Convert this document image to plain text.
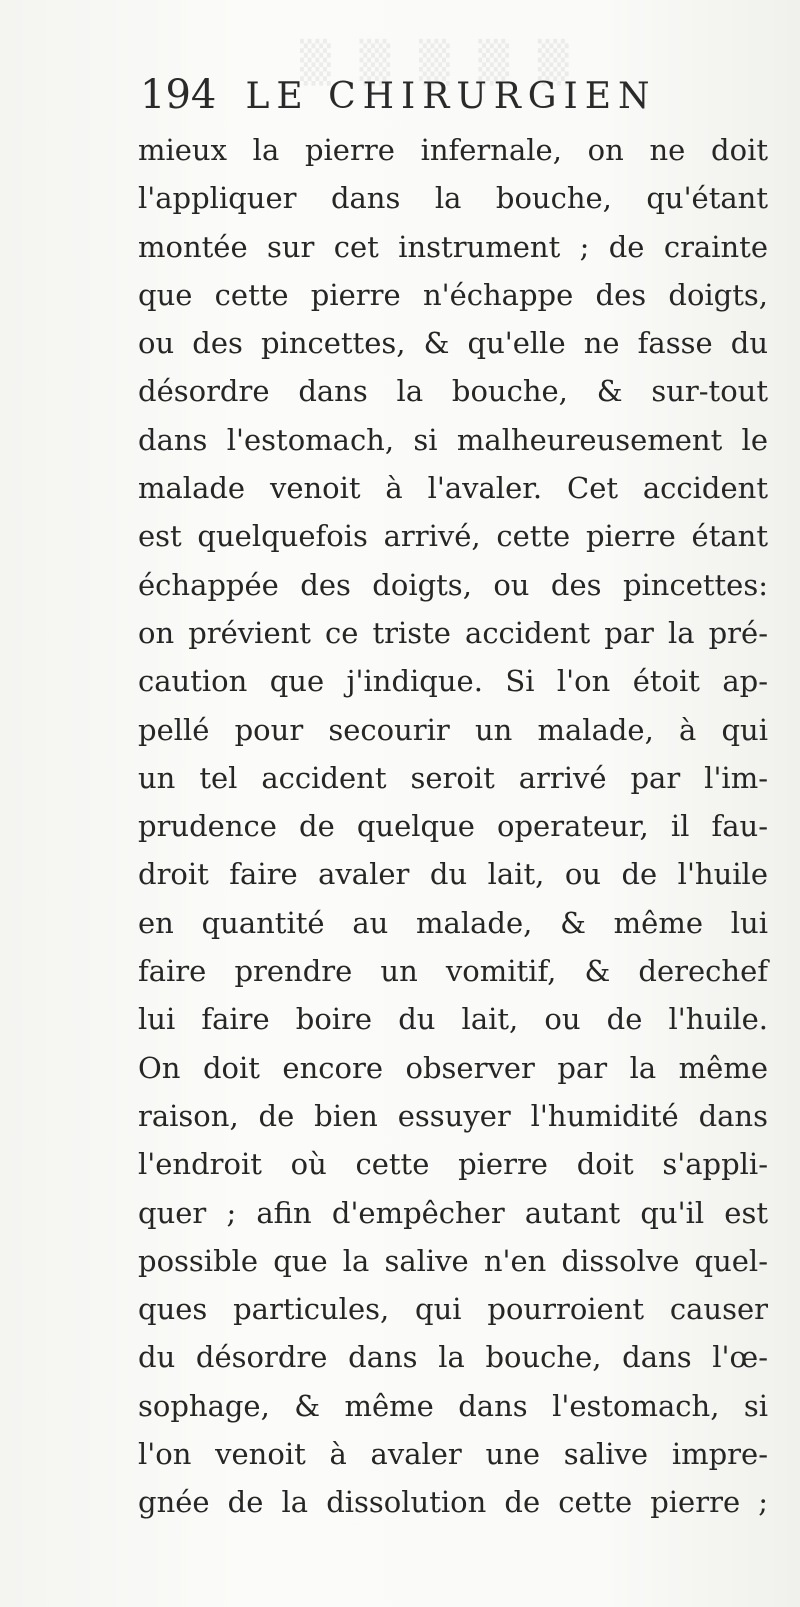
▒ ▒ ▒ ▒ ▒
194 LE CHIRURGIEN
mieux la pierre infernale, on ne doit
l'appliquer dans la bouche, qu'étant
montée sur cet instrument ; de crainte
que cette pierre n'échappe des doigts,
ou des pincettes, & qu'elle ne fasse du
désordre dans la bouche, & sur-tout
dans l'estomach, si malheureusement le
malade venoit à l'avaler. Cet accident
est quelquefois arrivé, cette pierre étant
échappée des doigts, ou des pincettes:
on prévient ce triste accident par la pré-
caution que j'indique. Si l'on étoit ap-
pellé pour secourir un malade, à qui
un tel accident seroit arrivé par l'im-
prudence de quelque operateur, il fau-
droit faire avaler du lait, ou de l'huile
en quantité au malade, & même lui
faire prendre un vomitif, & derechef
lui faire boire du lait, ou de l'huile.
On doit encore observer par la même
raison, de bien essuyer l'humidité dans
l'endroit où cette pierre doit s'appli-
quer ; afin d'empêcher autant qu'il est
possible que la salive n'en dissolve quel-
ques particules, qui pourroient causer
du désordre dans la bouche, dans l'œ-
sophage, & même dans l'estomach, si
l'on venoit à avaler une salive impre-
gnée de la dissolution de cette pierre ;
